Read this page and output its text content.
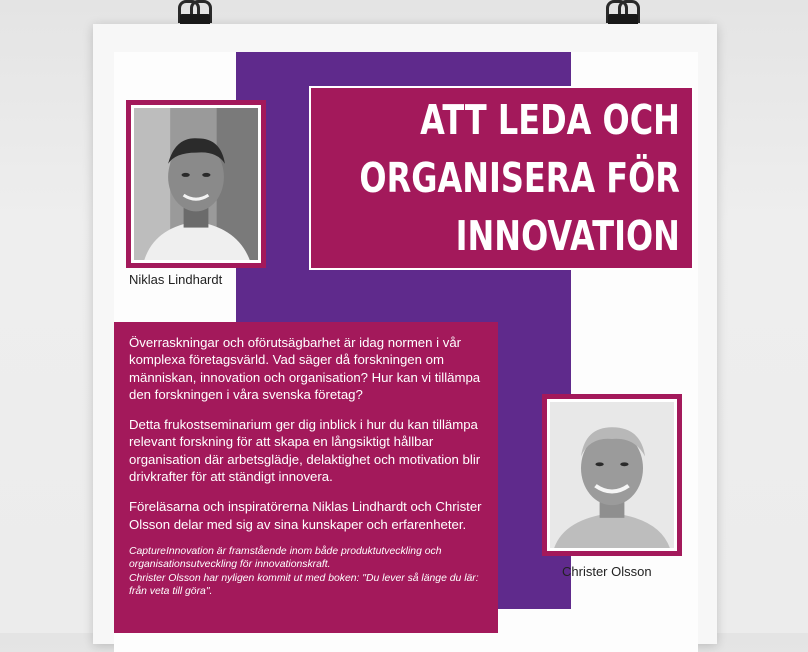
ATT LEDA OCH
ORGANISERA FÖR
INNOVATION
Niklas Lindhardt
Christer Olsson

Överraskningar och oförutsägbarhet är idag normen i vår komplexa företagsvärld. Vad säger då forskningen om människan, innovation och organisation? Hur kan vi tillämpa den forskningen i våra svenska företag?

Detta frukostseminarium ger dig inblick i hur du kan tillämpa relevant forskning för att skapa en långsiktigt hållbar organisation där arbetsglädje, delaktighet och motivation blir drivkrafter för att ständigt innovera.

Föreläsarna och inspiratörerna Niklas Lindhardt och Christer Olsson delar med sig av sina kunskaper och erfarenheter.

CaptureInnovation är framstående inom både produktutveckling och organisationsutveckling för innovationskraft.

Christer Olsson har nyligen kommit ut med boken: "Du lever så länge du lär: från veta till göra".
